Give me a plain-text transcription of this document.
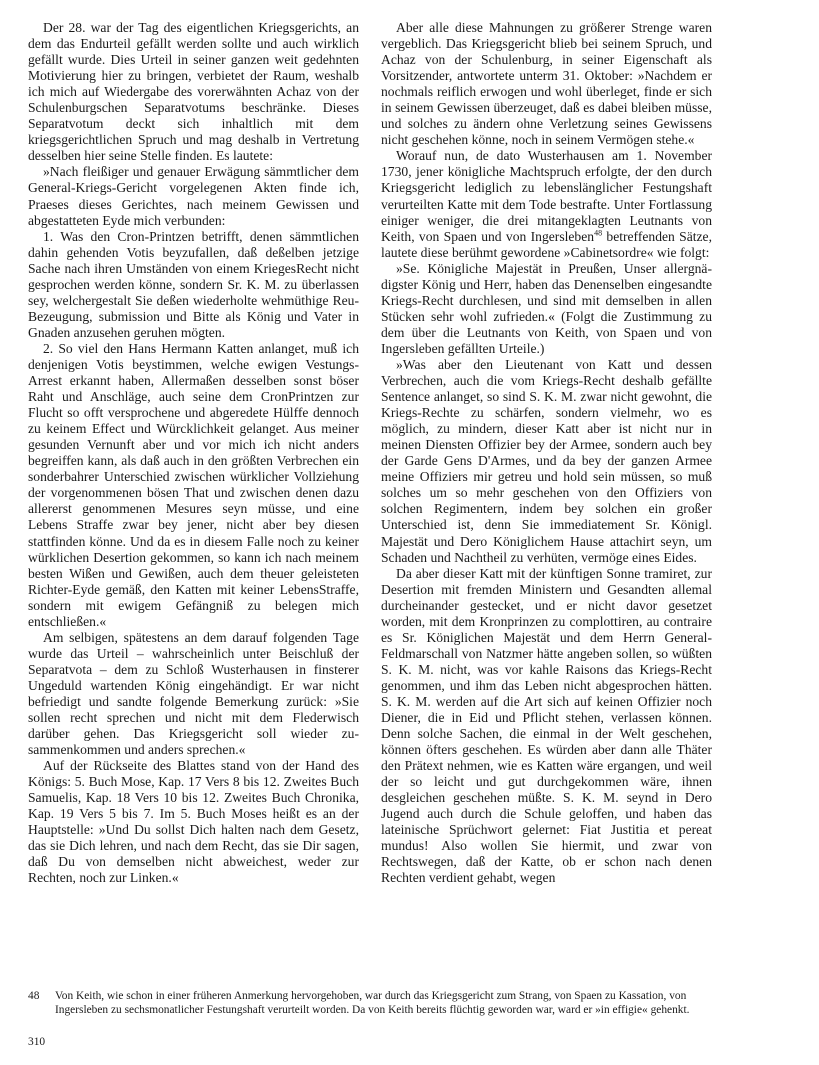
Der 28. war der Tag des eigentlichen Kriegsgerichts, an dem das Endurteil gefällt werden sollte und auch wirklich gefällt wurde. Dies Urteil in seiner ganzen weit gedehnten Motivierung hier zu bringen, verbietet der Raum, weshalb ich mich auf Wiedergabe des vorerwähnten Achaz von der Schulenburgschen Separatvotums beschränke. Dieses Separatvotum deckt sich inhaltlich mit dem kriegsgerichtlichen Spruch und mag deshalb in Vertretung desselben hier seine Stelle finden. Es lautete:

»Nach fleißiger und genauer Erwägung sämmtlicher dem General-Kriegs-Gericht vorgelegenen Akten finde ich, Praeses dieses Gerichtes, nach meinem Gewissen und abgestatteten Eyde mich verbunden:

1. Was den Cron-Printzen betrifft, denen sämmtlichen dahin gehenden Votis beyzufallen, daß deßelben jetzige Sache nach ihren Umständen von einem KriegesRecht nicht gesprochen werden könne, sondern Sr. K. M. zu überlassen sey, welchergestalt Sie deßen wiederholte wehmüthige Reu-Bezeugung, submission und Bitte als König und Vater in Gnaden anzusehen geruhen mögten.

2. So viel den Hans Hermann Katten anlanget, muß ich denjenigen Votis beystimmen, welche ewigen Vestungs-Arrest erkannt haben, Allermaßen desselben sonst böser Raht und Anschläge, auch seine dem CronPrintzen zur Flucht so offt versprochene und abgeredete Hülffe dennoch zu keinem Effect und Würcklichkeit gelanget. Aus meiner gesunden Vernunft aber und vor mich ich nicht anders begreiffen kann, als daß auch in den größten Verbrechen ein sonderbahrer Unterschied zwischen würklicher Vollziehung der vorgenommenen bösen That und zwischen denen dazu allererst genommenen Mesures seyn müsse, und eine Lebens Straffe zwar bey jener, nicht aber bey diesen stattfinden könne. Und da es in diesem Falle noch zu keiner würklichen Desertion gekommen, so kann ich nach meinem besten Wißen und Gewißen, auch dem theuer geleisteten Richter-Eyde gemäß, den Katten mit keiner LebensStraffe, sondern mit ewigem Gefängniß zu belegen mich entschließen.«

Am selbigen, spätestens an dem darauf folgenden Tage wurde das Urteil – wahrscheinlich unter Beischluß der Separatvota – dem zu Schloß Wusterhausen in finsterer Ungeduld wartenden König eingehändigt. Er war nicht befriedigt und sandte folgende Bemerkung zurück: »Sie sollen recht sprechen und nicht mit dem Flederwisch darüber gehen. Das Kriegsgericht soll wieder zusammenkommen und anders sprechen.«

Auf der Rückseite des Blattes stand von der Hand des Königs: 5. Buch Mose, Kap. 17 Vers 8 bis 12. Zweites Buch Samuelis, Kap. 18 Vers 10 bis 12. Zweites Buch Chronika, Kap. 19 Vers 5 bis 7. Im 5. Buch Moses heißt es an der Hauptstelle: »Und Du sollst Dich halten nach dem Gesetz, das sie Dich lehren, und nach dem Recht, das sie Dir sagen, daß Du von demselben nicht abweichest, weder zur Rechten, noch zur Linken.«

Aber alle diese Mahnungen zu größerer Strenge waren vergeblich. Das Kriegsgericht blieb bei seinem Spruch, und Achaz von der Schulenburg, in seiner Eigenschaft als Vorsitzender, antwortete unterm 31. Oktober: »Nachdem er nochmals reiflich erwogen und wohl überleget, finde er sich in seinem Gewissen überzeuget, daß es dabei bleiben müsse, und solches zu ändern ohne Verletzung seines Gewissens nicht geschehen könne, noch in seinem Vermögen stehe.«

Worauf nun, de dato Wusterhausen am 1. November 1730, jener königliche Machtspruch erfolgte, der den durch Kriegsgericht lediglich zu lebenslänglicher Festungshaft verurteilten Katte mit dem Tode bestrafte. Unter Fortlassung einiger weniger, die drei mitangeklagten Leutnants von Keith, von Spaen und von Ingersleben$^{48}$ betreffenden Sätze, lautete diese berühmt gewordene »Cabinetsordre« wie folgt:

»Se. Königliche Majestät in Preußen, Unser allergnädigster König und Herr, haben das Denenselben eingesandte Kriegs-Recht durchlesen, und sind mit demselben in allen Stücken sehr wohl zufrieden.« (Folgt die Zustimmung zu dem über die Leutnants von Keith, von Spaen und von Ingersleben gefällten Urteile.)

»Was aber den Lieutenant von Katt und dessen Verbrechen, auch die vom Kriegs-Recht deshalb gefällte Sentence anlanget, so sind S. K. M. zwar nicht gewohnt, die Kriegs-Rechte zu schärfen, sondern vielmehr, wo es möglich, zu mindern, dieser Katt aber ist nicht nur in meinen Diensten Offizier bey der Armee, sondern auch bey der Garde Gens D'Armes, und da bey der ganzen Armee meine Offiziers mir getreu und hold sein müssen, so muß solches um so mehr geschehen von den Offiziers von solchen Regimentern, indem bey solchen ein großer Unterschied ist, denn Sie immediatement Sr. Königl. Majestät und Dero Königlichem Hause attachirt seyn, um Schaden und Nachtheil zu verhüten, vermöge eines Eides.

Da aber dieser Katt mit der künftigen Sonne tramiret, zur Desertion mit fremden Ministern und Gesandten allemal durcheinander gestecket, und er nicht davor gesetzet worden, mit dem Kronprinzen zu complottiren, au contraire es Sr. Königlichen Majestät und dem Herrn General-Feldmarschall von Natzmer hätte angeben sollen, so wüßten S. K. M. nicht, was vor kahle Raisons das Kriegs-Recht genommen, und ihm das Leben nicht abgesprochen hätten. S. K. M. werden auf die Art sich auf keinen Offizier noch Diener, die in Eid und Pflicht stehen, verlassen können. Denn solche Sachen, die einmal in der Welt geschehen, können öfters geschehen. Es würden aber dann alle Thäter den Prätext nehmen, wie es Katten wäre ergangen, und weil der so leicht und gut durchgekommen wäre, ihnen desgleichen geschehen müßte. S. K. M. seynd in Dero Jugend auch durch die Schule geloffen, und haben das lateinische Sprüchwort gelernet: Fiat Justitia et pereat mundus! Also wollen Sie hiermit, und zwar von Rechtswegen, daß der Katte, ob er schon nach denen Rechten verdient gehabt, wegen

48 Von Keith, wie schon in einer früheren Anmerkung hervorgehoben, war durch das Kriegsgericht zum Strang, von Spaen zu Kassation, von Ingersleben zu sechsmonatlicher Festungshaft verurteilt worden. Da von Keith bereits flüchtig geworden war, ward er »in effigie« gehenkt.
310
